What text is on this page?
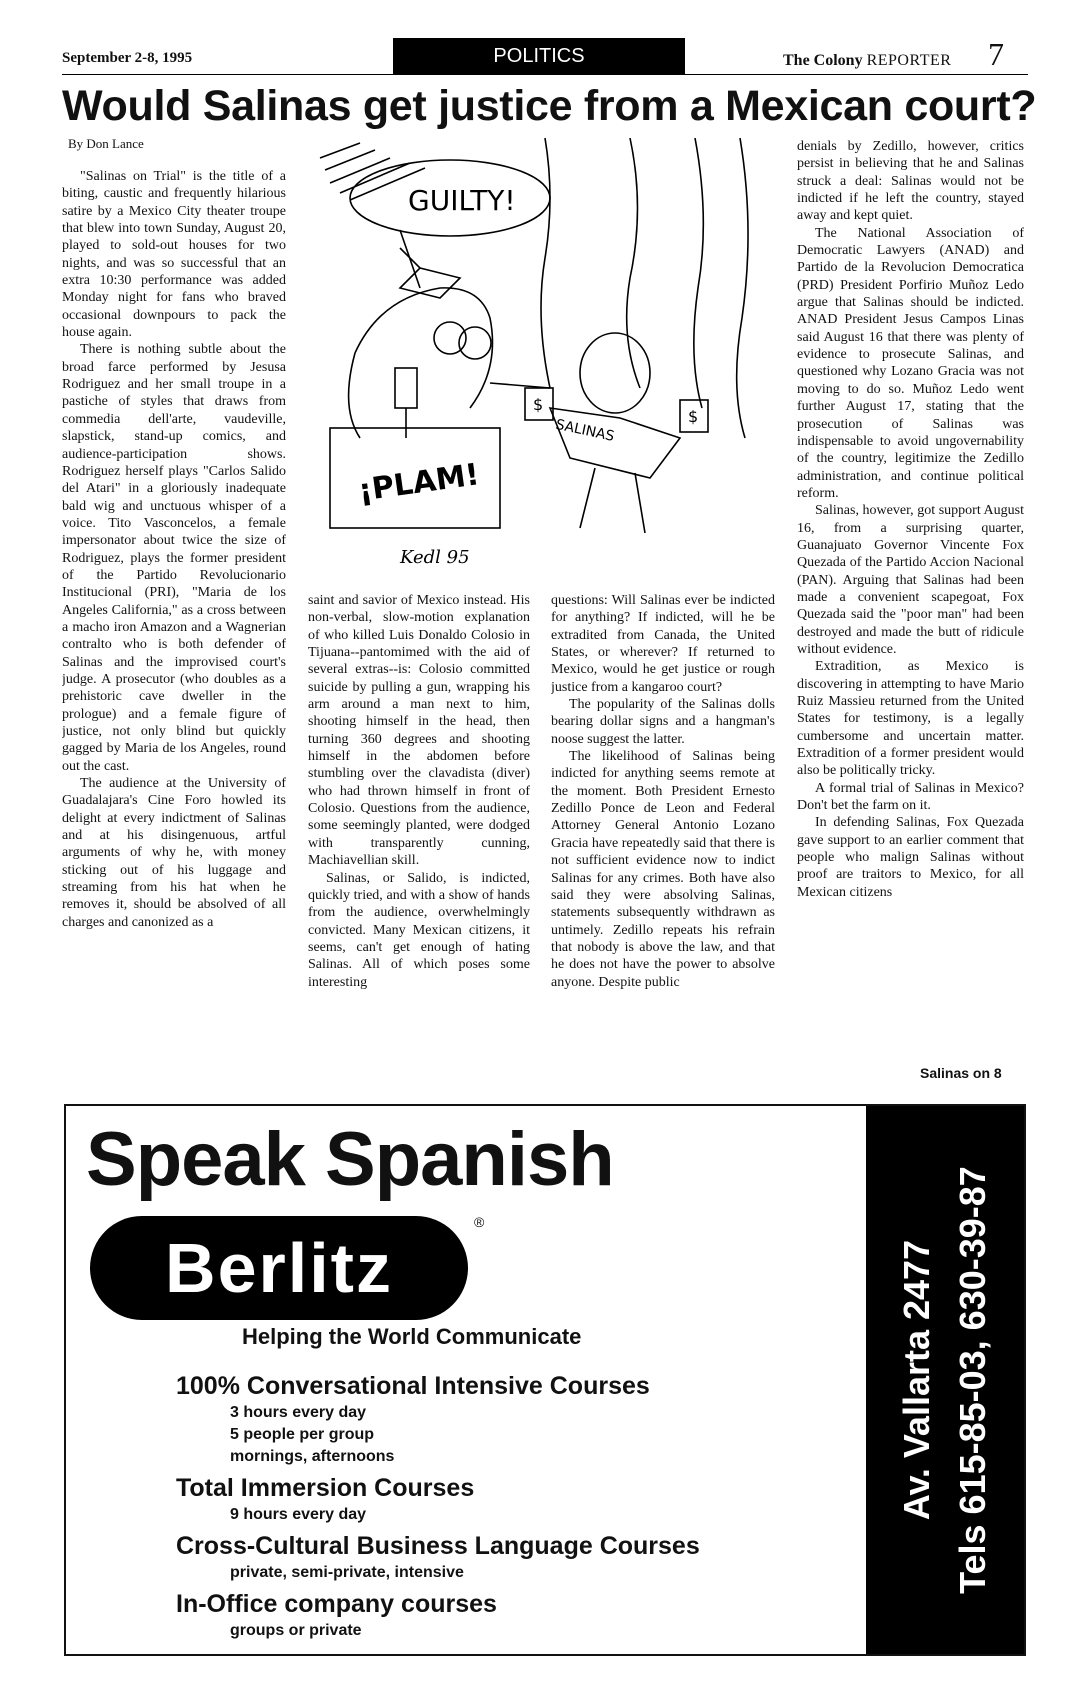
September 2-8, 1995	POLITICS	The Colony REPORTER 7
Would Salinas get justice from a Mexican court?
By Don Lance

"Salinas on Trial" is the title of a biting, caustic and frequently hilarious satire by a Mexico City theater troupe that blew into town Sunday, August 20, played to sold-out houses for two nights, and was so successful that an extra 10:30 performance was added Monday night for fans who braved occasional downpours to pack the house again.

There is nothing subtle about the broad farce performed by Jesusa Rodriguez and her small troupe in a pastiche of styles that draws from commedia dell'arte, vaudeville, slapstick, stand-up comics, and audience-participation shows. Rodriguez herself plays "Carlos Salido del Atari" in a gloriously inadequate bald wig and unctuous whisper of a voice. Tito Vasconcelos, a female impersonator about twice the size of Rodriguez, plays the former president of the Partido Revolucionario Institucional (PRI), "Maria de los Angeles California," as a cross between a macho iron Amazon and a Wagnerian contralto who is both defender of Salinas and the improvised court's judge. A prosecutor (who doubles as a prehistoric cave dweller in the prologue) and a female figure of justice, not only blind but quickly gagged by Maria de los Angeles, round out the cast.

The audience at the University of Guadalajara's Cine Foro howled its delight at every indictment of Salinas and at his disingenuous, artful arguments of why he, with money sticking out of his luggage and streaming from his hat when he removes it, should be absolved of all charges and canonized as a

GUILTY!
¡PLAM!
SALINAS
$
$
Kedl 95

saint and savior of Mexico instead. His non-verbal, slow-motion explanation of who killed Luis Donaldo Colosio in Tijuana--pantomimed with the aid of several extras--is: Colosio committed suicide by pulling a gun, wrapping his arm around a man next to him, shooting himself in the head, then turning 360 degrees and shooting himself in the abdomen before stumbling over the clavadista (diver) who had thrown himself in front of Colosio. Questions from the audience, some seemingly planted, were dodged with transparently cunning, Machiavellian skill.

Salinas, or Salido, is indicted, quickly tried, and with a show of hands from the audience, overwhelmingly convicted. Many Mexican citizens, it seems, can't get enough of hating Salinas. All of which poses some interesting

questions: Will Salinas ever be indicted for anything? If indicted, will he be extradited from Canada, the United States, or wherever? If returned to Mexico, would he get justice or rough justice from a kangaroo court?

The popularity of the Salinas dolls bearing dollar signs and a hangman's noose suggest the latter.

The likelihood of Salinas being indicted for anything seems remote at the moment. Both President Ernesto Zedillo Ponce de Leon and Federal Attorney General Antonio Lozano Gracia have repeatedly said that there is not sufficient evidence now to indict Salinas for any crimes. Both have also said they were absolving Salinas, statements subsequently withdrawn as untimely. Zedillo repeats his refrain that nobody is above the law, and that he does not have the power to absolve anyone. Despite public

denials by Zedillo, however, critics persist in believing that he and Salinas struck a deal: Salinas would not be indicted if he left the country, stayed away and kept quiet.

The National Association of Democratic Lawyers (ANAD) and Partido de la Revolucion Democratica (PRD) President Porfirio Muñoz Ledo argue that Salinas should be indicted. ANAD President Jesus Campos Linas said August 16 that there was plenty of evidence to prosecute Salinas, and questioned why Lozano Gracia was not moving to do so. Muñoz Ledo went further August 17, stating that the prosecution of Salinas was indispensable to avoid ungovernability of the country, legitimize the Zedillo administration, and continue political reform.

Salinas, however, got support August 16, from a surprising quarter, Guanajuato Governor Vincente Fox Quezada of the Partido Accion Nacional (PAN). Arguing that Salinas had been made a convenient scapegoat, Fox Quezada said the "poor man" had been destroyed and made the butt of ridicule without evidence.

Extradition, as Mexico is discovering in attempting to have Mario Ruiz Massieu returned from the United States for testimony, is a legally cumbersome and uncertain matter. Extradition of a former president would also be politically tricky.

A formal trial of Salinas in Mexico? Don't bet the farm on it.

In defending Salinas, Fox Quezada gave support to an earlier comment that people who malign Salinas without proof are traitors to Mexico, for all Mexican citizens

Salinas on 8
Speak Spanish
Berlitz
®
Helping the World Communicate
100% Conversational Intensive Courses
3 hours every day
5 people per group
mornings, afternoons
Total Immersion Courses
9 hours every day
Cross-Cultural Business Language Courses
private, semi-private, intensive
In-Office company courses
groups or private
Av. Vallarta 2477 Tels 615-85-03, 630-39-87
